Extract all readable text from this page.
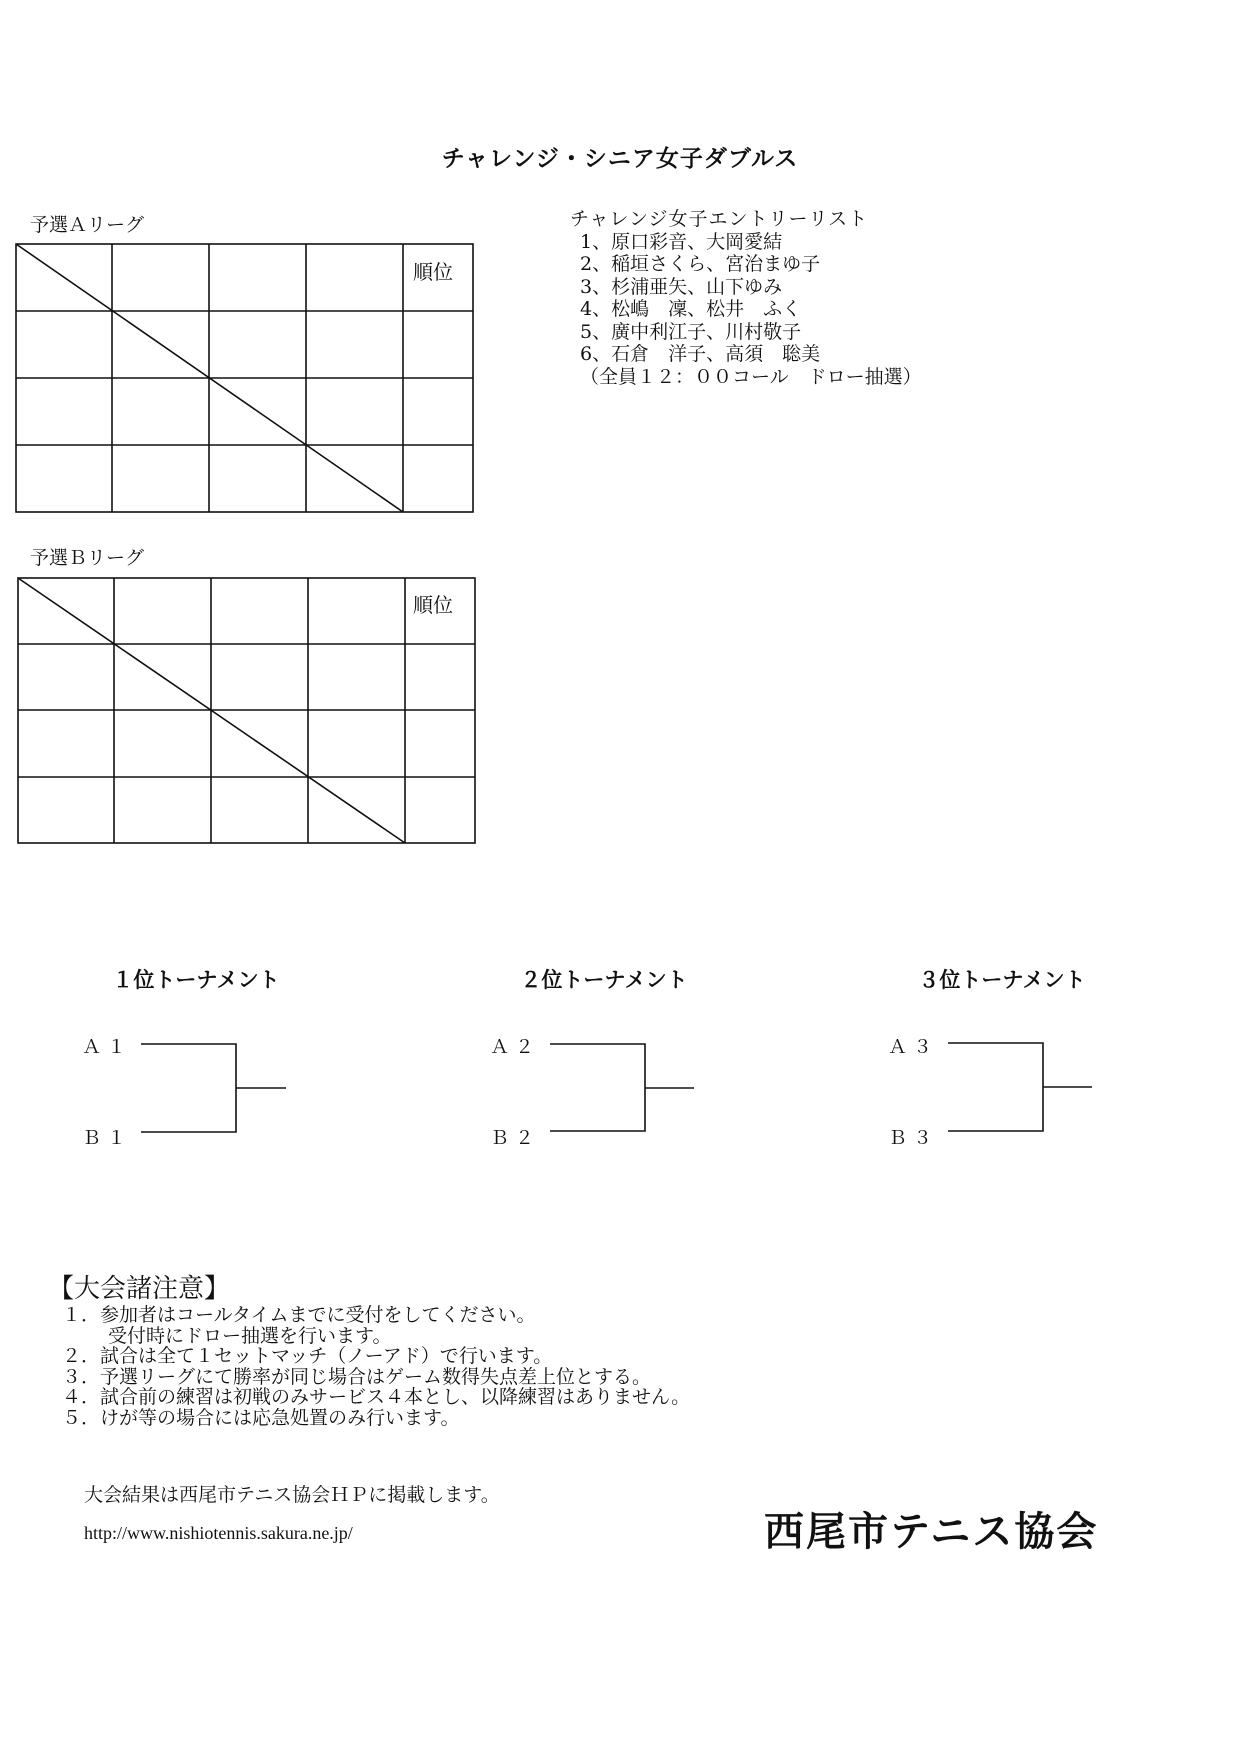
チャレンジ・シニア女子ダブルス
予選Ａリーグ
順位
予選Ｂリーグ
順位
チャレンジ女子エントリーリスト
1、原口彩音、大岡愛結
2、稲垣さくら、宮治まゆ子
3、杉浦亜矢、山下ゆみ
4、松嶋　凜、松井　ふく
5、廣中利江子、川村敬子
6、石倉　洋子、高須　聡美
（全員１２：００コール　ドロー抽選）
１位トーナメント	２位トーナメント	３位トーナメント
Ａ１
Ｂ１
Ａ２
Ｂ２
Ａ３
Ｂ３
【大会諸注意】
１．参加者はコールタイムまでに受付をしてください。
受付時にドロー抽選を行います。
２．試合は全て１セットマッチ（ノーアド）で行います。
３．予選リーグにて勝率が同じ場合はゲーム数得失点差上位とする。
４．試合前の練習は初戦のみサービス４本とし、以降練習はありません。
５．けが等の場合には応急処置のみ行います。
大会結果は西尾市テニス協会ＨＰに掲載します。
http://www.nishiotennis.sakura.ne.jp/	西尾市テニス協会
